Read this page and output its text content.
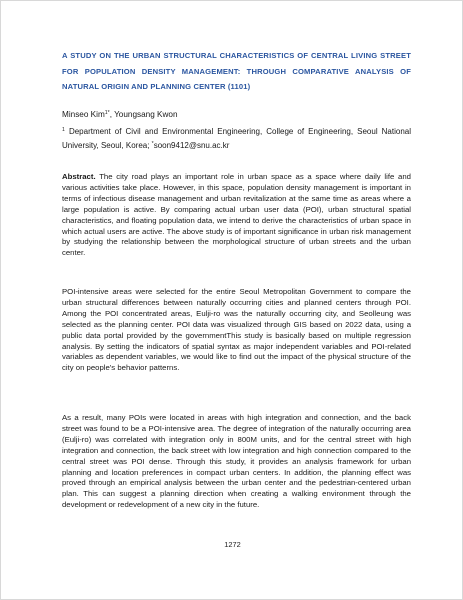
A STUDY ON THE URBAN STRUCTURAL CHARACTERISTICS OF CENTRAL LIVING STREET FOR POPULATION DENSITY MANAGEMENT: THROUGH COMPARATIVE ANALYSIS OF NATURAL ORIGIN AND PLANNING CENTER (1101)

Minseo Kim$^{1*}$, Youngsang Kwon
$^1$ Department of Civil and Environmental Engineering, College of Engineering, Seoul National University, Seoul, Korea; *soon9412@snu.ac.kr

Abstract. The city road plays an important role in urban space as a space where daily life and various activities take place. However, in this space, population density management is important in terms of infectious disease management and urban revitalization at the same time as areas where a large population is active. By comparing actual urban user data (POI), urban structural spatial characteristics, and floating population data, we intend to derive the characteristics of urban space in which actual users are active. The above study is of important significance in urban risk management by studying the relationship between the morphological structure of urban streets and the urban center.

POI-intensive areas were selected for the entire Seoul Metropolitan Government to compare the urban structural differences between naturally occurring cities and planned centers through POI. Among the POI concentrated areas, Eulji-ro was the naturally occurring city, and Seolleung was selected as the planning center. POI data was visualized through GIS based on 2022 data, using a public data portal provided by the governmentThis study is basically based on multiple regression analysis. By setting the indicators of spatial syntax as major independent variables and POI-related variables as dependent variables, we would like to find out the impact of the physical structure of the city on people's behavior patterns.

As a result, many POIs were located in areas with high integration and connection, and the back street was found to be a POI-intensive area. The degree of integration of the naturally occurring area (Eulji-ro) was correlated with integration only in 800M units, and for the central street with high integration and connection, the back street with low integration and high connection compared to the central street was POI dense. Through this study, it provides an analysis framework for urban planning and location preferences in compact urban centers. In addition, the planning effect was proved through an empirical analysis between the urban center and the pedestrian-centered urban plan. This can suggest a planning direction when creating a walking environment through the development or redevelopment of a new city in the future.

1272
